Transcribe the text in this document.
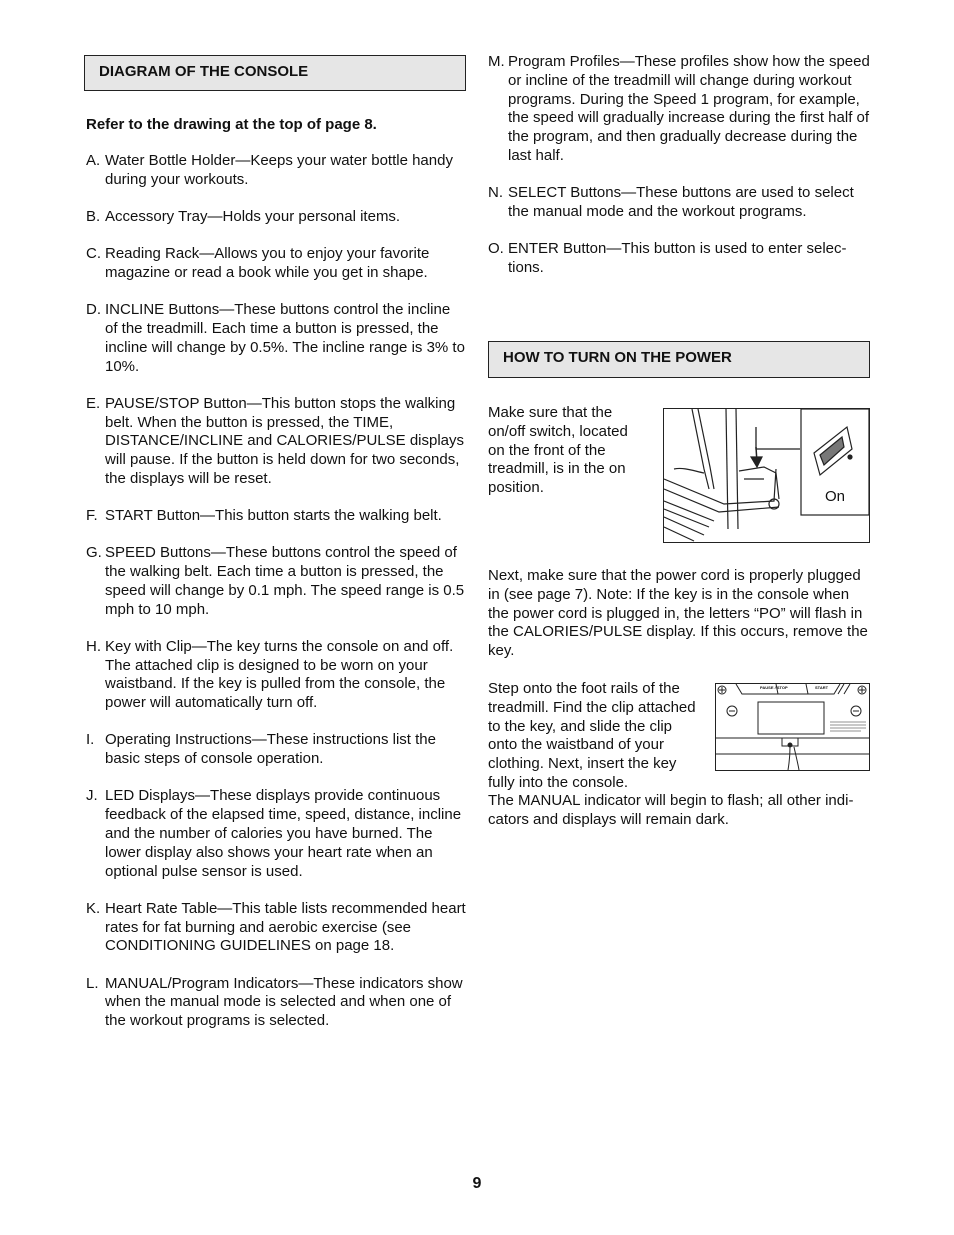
DIAGRAM OF THE CONSOLE

Refer to the drawing at the top of page 8.

A. Water Bottle Holder—Keeps your water bottle handy during your workouts.
B. Accessory Tray—Holds your personal items.
C. Reading Rack—Allows you to enjoy your favorite magazine or read a book while you get in shape.
D. INCLINE Buttons—These buttons control the incline of the treadmill. Each time a button is pressed, the incline will change by 0.5%. The incline range is 3% to 10%.
E. PAUSE/STOP Button—This button stops the walking belt. When the button is pressed, the TIME, DISTANCE/INCLINE and CALORIES/PULSE displays will pause. If the button is held down for two seconds, the displays will be reset.
F. START Button—This button starts the walking belt.
G. SPEED Buttons—These buttons control the speed of the walking belt. Each time a button is pressed, the speed will change by 0.1 mph. The speed range is 0.5 mph to 10 mph.
H. Key with Clip—The key turns the console on and off. The attached clip is designed to be worn on your waistband. If the key is pulled from the console, the power will automatically turn off.
I. Operating Instructions—These instructions list the basic steps of console operation.
J. LED Displays—These displays provide continuous feedback of the elapsed time, speed, distance, incline and the number of calories you have burned. The lower display also shows your heart rate when an optional pulse sensor is used.
K. Heart Rate Table—This table lists recommended heart rates for fat burning and aerobic exercise (see CONDITIONING GUIDELINES on page 18.
L. MANUAL/Program Indicators—These indicators show when the manual mode is selected and when one of the workout programs is selected.
M. Program Profiles—These profiles show how the speed or incline of the treadmill will change during workout programs. During the Speed 1 program, for example, the speed will gradually increase during the first half of the program, and then gradually decrease during the last half.
N. SELECT Buttons—These buttons are used to select the manual mode and the workout programs.
O. ENTER Button—This button is used to enter selec-tions.
HOW TO TURN ON THE POWER

Make sure that the on/off switch, located on the front of the treadmill, is in the on position.

On

Next, make sure that the power cord is properly plugged in (see page 7). Note: If the key is in the console when the power cord is plugged in, the letters “PO” will flash in the CALORIES/PULSE display. If this occurs, remove the key.

Step onto the foot rails of the treadmill. Find the clip attached to the key, and slide the clip onto the waistband of your clothing. Next, insert the key fully into the console.

PAUSE / STOP	START

The MANUAL indicator will begin to flash; all other indi-cators and displays will remain dark.

9
